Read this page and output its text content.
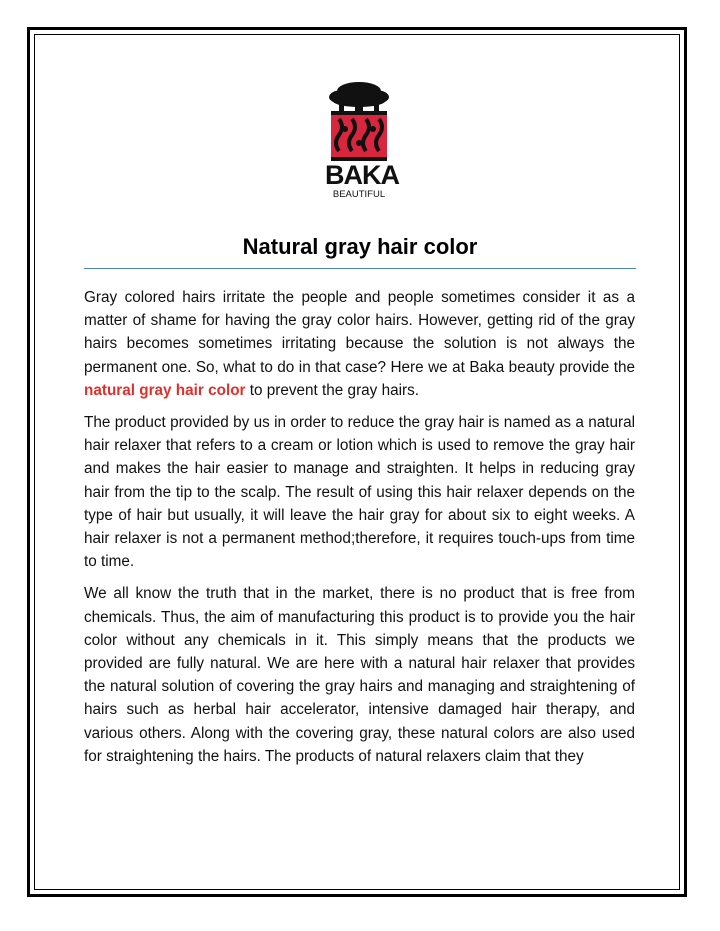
BAKA
BEAUTIFUL
Natural gray hair color

Gray colored hairs irritate the people and people sometimes consider it as a matter of shame for having the gray color hairs. However, getting rid of the gray hairs becomes sometimes irritating because the solution is not always the permanent one. So, what to do in that case? Here we at Baka beauty provide the natural gray hair color to prevent the gray hairs.

The product provided by us in order to reduce the gray hair is named as a natural hair relaxer that refers to a cream or lotion which is used to remove the gray hair and makes the hair easier to manage and straighten. It helps in reducing gray hair from the tip to the scalp. The result of using this hair relaxer depends on the type of hair but usually, it will leave the hair gray for about six to eight weeks. A hair relaxer is not a permanent method;therefore, it requires touch-ups from time to time.

We all know the truth that in the market, there is no product that is free from chemicals. Thus, the aim of manufacturing this product is to provide you the hair color without any chemicals in it. This simply means that the products we provided are fully natural. We are here with a natural hair relaxer that provides the natural solution of covering the gray hairs and managing and straightening of hairs such as herbal hair accelerator, intensive damaged hair therapy, and various others. Along with the covering gray, these natural colors are also used for straightening the hairs. The products of natural relaxers claim that they
